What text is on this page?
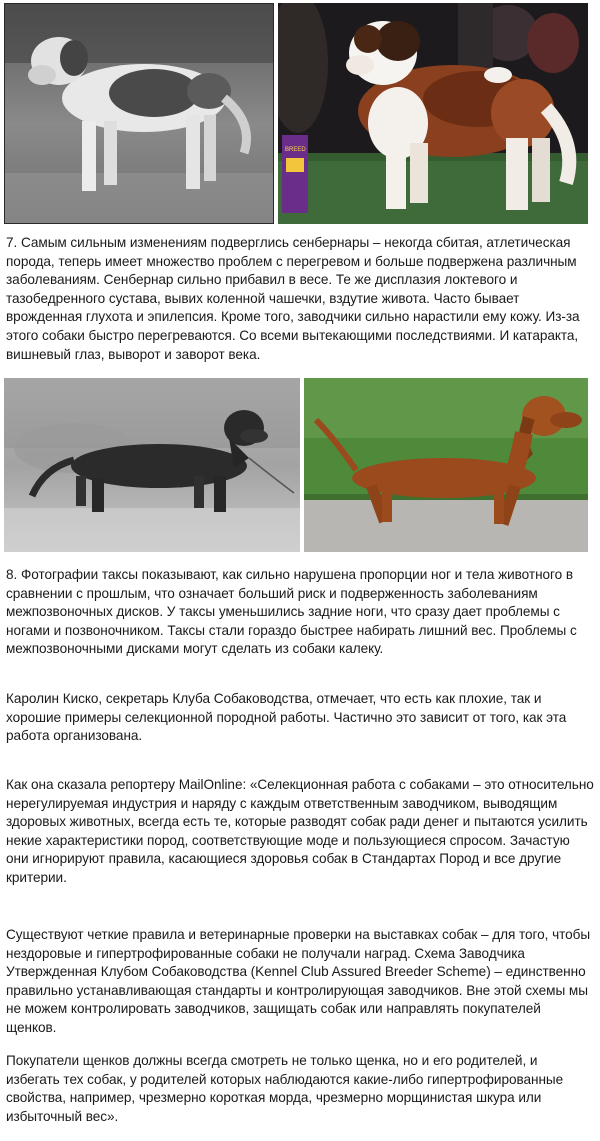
BREED
7. Самым сильным изменениям подверглись сенбернары – некогда сбитая, атлетическая порода, теперь имеет множество проблем с перегревом и больше подвержена различным заболеваниям. Сенбернар сильно прибавил в весе. Те же дисплазия локтевого и тазобедренного сустава, вывих коленной чашечки, вздутие живота. Часто бывает врожденная глухота и эпилепсия. Кроме того, заводчики сильно нарастили ему кожу. Из-за этого собаки быстро перегреваются. Со всеми вытекающими последствиями. И катаракта, вишневый глаз, выворот и заворот века.
8. Фотографии таксы показывают, как сильно нарушена пропорции ног и тела животного в сравнении с прошлым, что означает больший риск и подверженность заболеваниям межпозвоночных дисков. У таксы уменьшились задние ноги, что сразу дает проблемы с ногами и позвоночником. Таксы стали гораздо быстрее набирать лишний вес. Проблемы с межпозвоночными дисками могут сделать из собаки калеку.
Каролин Киско, секретарь Клуба Собаководства, отмечает, что есть как плохие, так и хорошие примеры селекционной породной работы. Частично это зависит от того, как эта работа организована.
Как она сказала репортеру MailOnline: «Селекционная работа с собаками – это относительно нерегулируемая индустрия и наряду с каждым ответственным заводчиком, выводящим здоровых животных, всегда есть те, которые разводят собак ради денег и пытаются усилить некие характеристики пород, соответствующие моде и пользующиеся спросом. Зачастую они игнорируют правила, касающиеся здоровья собак в Стандартах Пород и все другие критерии.
Существуют четкие правила и ветеринарные проверки на выставках собак – для того, чтобы нездоровые и гипертрофированные собаки не получали наград. Схема Заводчика Утвержденная Клубом Собаководства (Kennel Club Assured Breeder Scheme) – единственно правильно устанавливающая стандарты и контролирующая заводчиков. Вне этой схемы мы не можем контролировать заводчиков, защищать собак или направлять покупателей щенков.
Покупатели щенков должны всегда смотреть не только щенка, но и его родителей, и избегать тех собак, у родителей которых наблюдаются какие-либо гипертрофированные свойства, например, чрезмерно короткая морда, чрезмерно морщинистая шкура или избыточный вес».
